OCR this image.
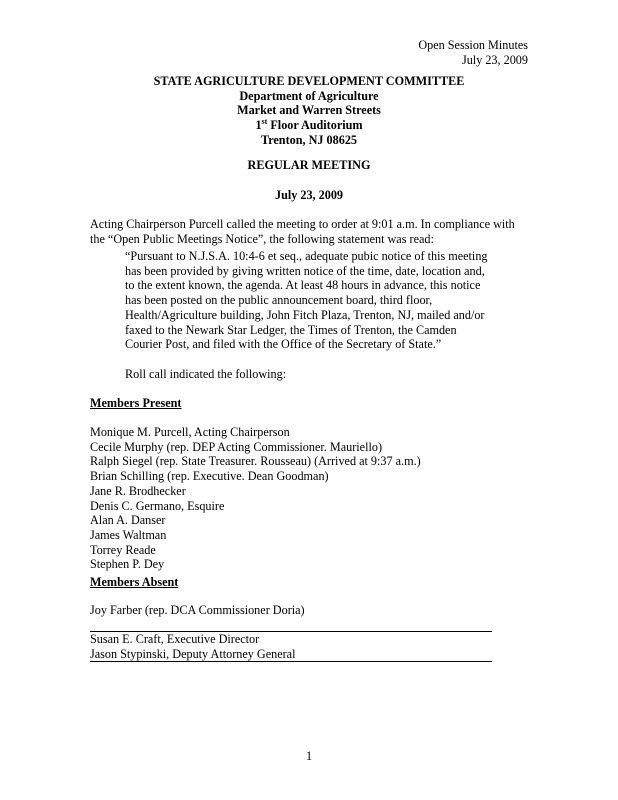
Open Session Minutes
July 23, 2009
STATE AGRICULTURE DEVELOPMENT COMMITTEE
Department of Agriculture
Market and Warren Streets
1st Floor Auditorium
Trenton, NJ 08625
REGULAR MEETING
July 23, 2009
Acting Chairperson Purcell called the meeting to order at 9:01 a.m. In compliance with
the “Open Public Meetings Notice”, the following statement was read:
“Pursuant to N.J.S.A. 10:4-6 et seq., adequate pubic notice of this meeting
has been provided by giving written notice of the time, date, location and,
to the extent known, the agenda. At least 48 hours in advance, this notice
has been posted on the public announcement board, third floor,
Health/Agriculture building, John Fitch Plaza, Trenton, NJ, mailed and/or
faxed to the Newark Star Ledger, the Times of Trenton, the Camden
Courier Post, and filed with the Office of the Secretary of State.”
Roll call indicated the following:
Members Present
Monique M. Purcell, Acting Chairperson
Cecile Murphy (rep. DEP Acting Commissioner. Mauriello)
Ralph Siegel (rep. State Treasurer. Rousseau) (Arrived at 9:37 a.m.)
Brian Schilling (rep. Executive. Dean Goodman)
Jane R. Brodhecker
Denis C. Germano, Esquire
Alan A. Danser
James Waltman
Torrey Reade
Stephen P. Dey
Members Absent
Joy Farber (rep. DCA Commissioner Doria)
Susan E. Craft, Executive Director
Jason Stypinski, Deputy Attorney General
1
